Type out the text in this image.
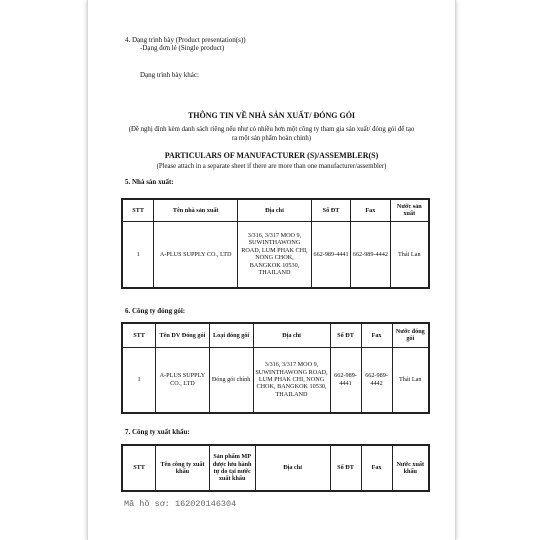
4. Dạng trình bày (Product presentation(s))
-Dạng đơn lẻ (Single product)
Dạng trình bày khác:
THÔNG TIN VỀ NHÀ SẢN XUẤT/ ĐÓNG GÓI
(Đề nghị đính kèm danh sách riêng nếu như có nhiều hơn một công ty tham gia sản xuất/ đóng gói để tạo ra một sản phẩm hoàn chỉnh)
PARTICULARS OF MANUFACTURER (S)/ASSEMBLER(S)
(Please attach in a separate sheet if there are more than one manufacturer/assembler)
5. Nhà sản xuất:
STT	Tên nhà sản xuất	Địa chỉ	Số ĐT	Fax	Nước sản xuất
1	A-PLUS SUPPLY CO., LTD	3/316, 3/317 MOO 9, SUWINTHAWONG ROAD, LUM PHAK CHI, NONG CHOK, BANGKOK 10530, THAILAND	662-989-4441	662-989-4442	Thái Lan
6. Công ty đóng gói:
STT	Tên DV Đóng gói	Loại đóng gói	Địa chỉ	Số ĐT	Fax	Nước đóng gói
1	A-PLUS SUPPLY CO., LTD	Đóng gói chính	3/316, 3/317 MOO 9, SUWINTHAWONG ROAD, LUM PHAK CHI, NONG CHOK, BANGKOK 10530, THAILAND	662-989-4441	662-989-4442	Thái Lan
7. Công ty xuất khẩu:
STT	Tên công ty xuất khẩu	Sản phẩm MP được lưu hành tự do tại nước xuất khẩu	Địa chỉ	Số ĐT	Fax	Nước xuất khẩu
Mã hồ sơ: 162020146304
